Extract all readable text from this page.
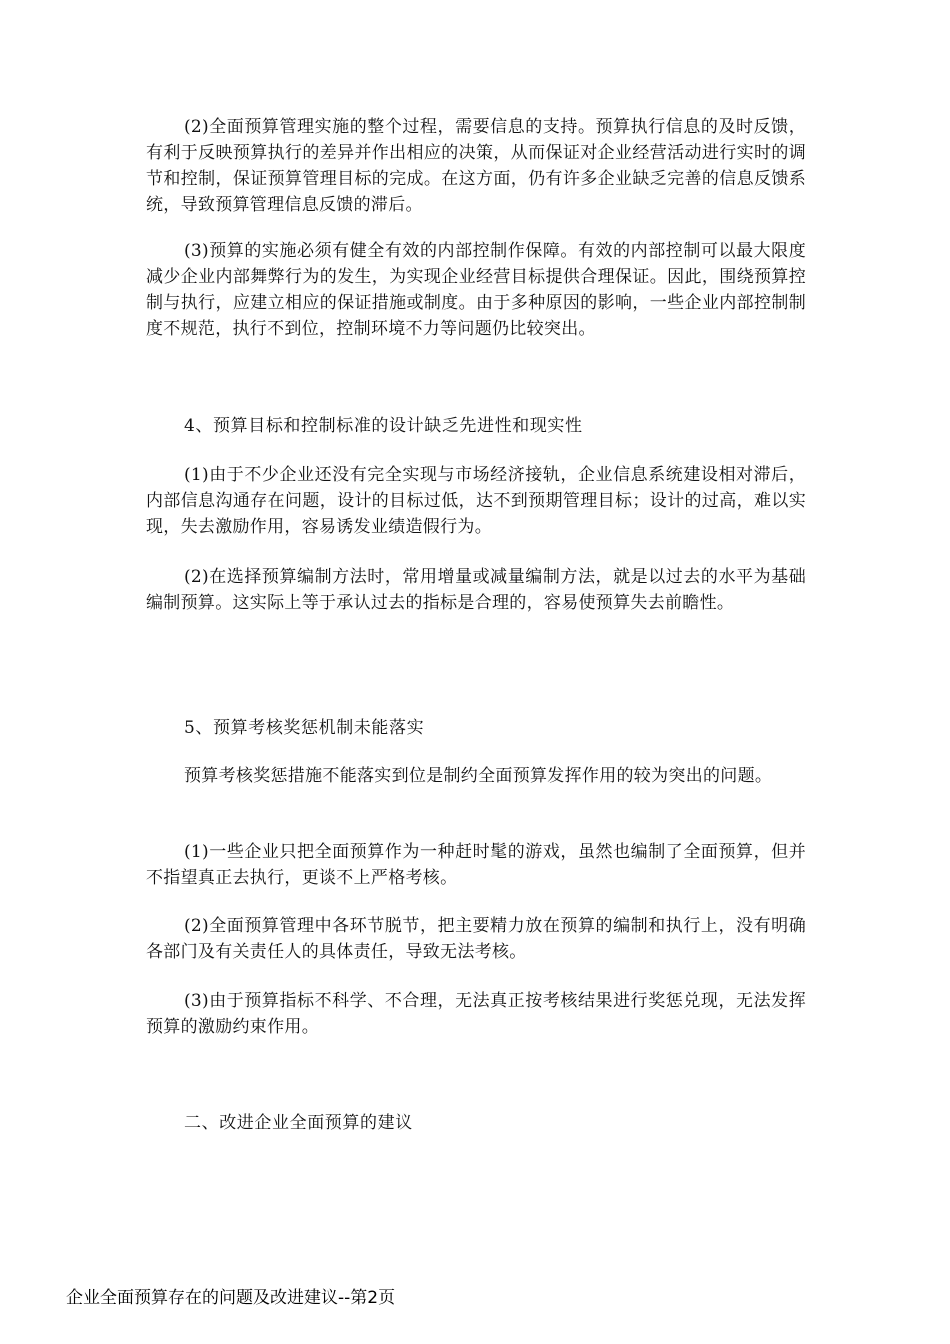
(2)全面预算管理实施的整个过程，需要信息的支持。预算执行信息的及时反馈，有利于反映预算执行的差异并作出相应的决策，从而保证对企业经营活动进行实时的调节和控制，保证预算管理目标的完成。在这方面，仍有许多企业缺乏完善的信息反馈系统，导致预算管理信息反馈的滞后。

(3)预算的实施必须有健全有效的内部控制作保障。有效的内部控制可以最大限度减少企业内部舞弊行为的发生，为实现企业经营目标提供合理保证。因此，围绕预算控制与执行，应建立相应的保证措施或制度。由于多种原因的影响，一些企业内部控制制度不规范，执行不到位，控制环境不力等问题仍比较突出。

4、预算目标和控制标准的设计缺乏先进性和现实性

(1)由于不少企业还没有完全实现与市场经济接轨，企业信息系统建设相对滞后，内部信息沟通存在问题，设计的目标过低，达不到预期管理目标；设计的过高，难以实现，失去激励作用，容易诱发业绩造假行为。

(2)在选择预算编制方法时，常用增量或减量编制方法，就是以过去的水平为基础编制预算。这实际上等于承认过去的指标是合理的，容易使预算失去前瞻性。

5、预算考核奖惩机制未能落实

预算考核奖惩措施不能落实到位是制约全面预算发挥作用的较为突出的问题。

(1)一些企业只把全面预算作为一种赶时髦的游戏，虽然也编制了全面预算，但并不指望真正去执行，更谈不上严格考核。

(2)全面预算管理中各环节脱节，把主要精力放在预算的编制和执行上，没有明确各部门及有关责任人的具体责任，导致无法考核。

(3)由于预算指标不科学、不合理，无法真正按考核结果进行奖惩兑现，无法发挥预算的激励约束作用。

二、改进企业全面预算的建议

企业全面预算存在的问题及改进建议--第2页
